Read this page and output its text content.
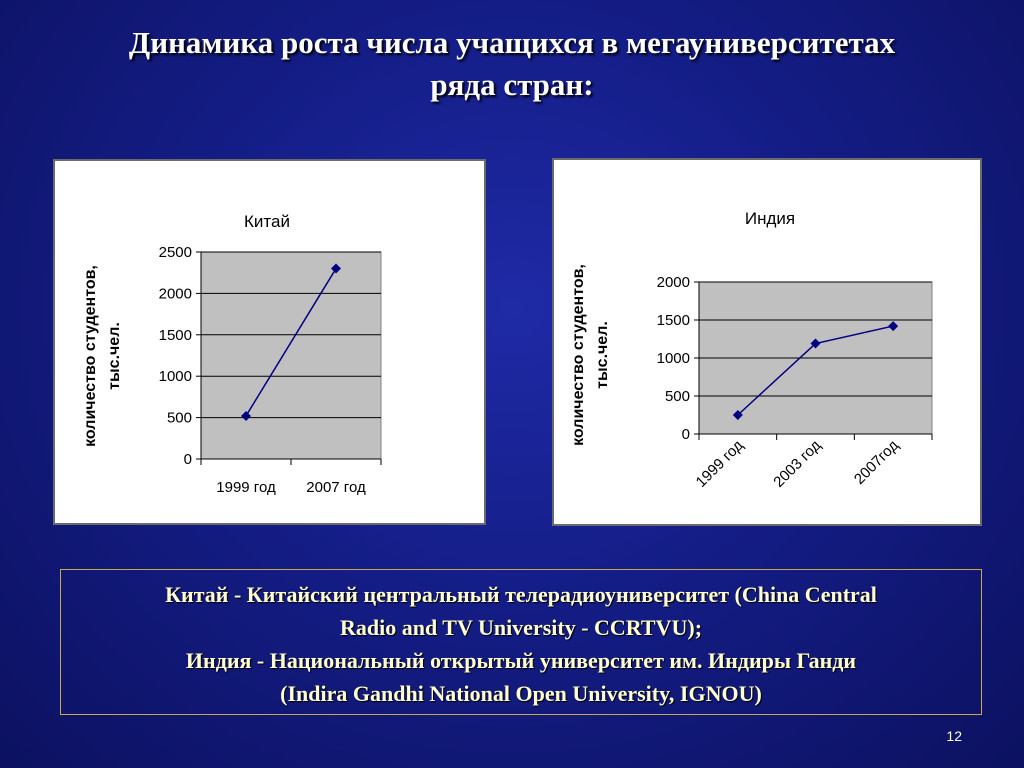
Динамика роста числа учащихся в мегауниверситетах
ряда стран:
0
500
1000
1500
2000
2500
1999 год 2007 год
Китай
количество студентов, тыс.чел.
0
500
1000
1500
2000
1999 год 2003 год 2007год
Индия
количество студентов, тыс.чел.
Китай - Китайский центральный телерадиоуниверситет (China Central
Radio and TV University - CCRTVU);
Индия - Национальный открытый университет им. Индиры Ганди
(Indira Gandhi National Open University, IGNOU)
12
